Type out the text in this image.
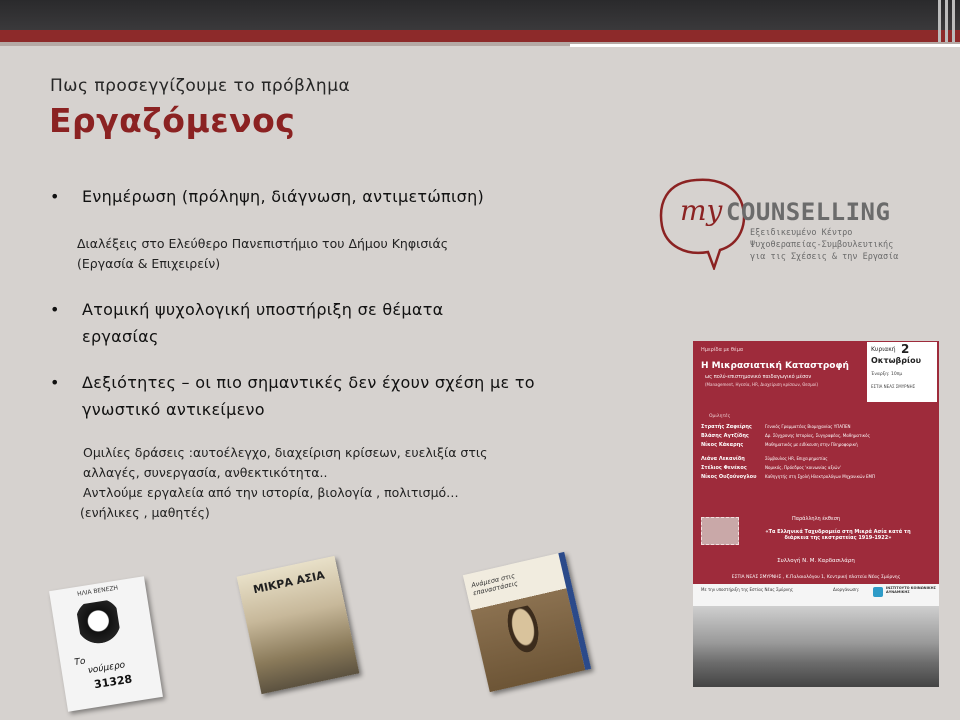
Πως προσεγγίζουμε το πρόβλημα
Εργαζόμενος
• Ενημέρωση (πρόληψη, διάγνωση, αντιμετώπιση)
Διαλέξεις στο Ελεύθερο Πανεπιστήμιο του Δήμου Κηφισιάς
(Εργασία & Επιχειρείν)
• Ατομική ψυχολογική υποστήριξη σε θέματα εργασίας
• Δεξιότητες – οι πιο σημαντικές δεν έχουν σχέση με το γνωστικό αντικείμενο
Ομιλίες δράσεις :αυτοέλεγχο, διαχείριση κρίσεων, ευελιξία στις
αλλαγές, συνεργασία, ανθεκτικότητα..
Αντλούμε εργαλεία από την ιστορία, βιολογία , πολιτισμό…
(ενήλικες , μαθητές)
my COUNSELLING
Εξειδικευμένο Κέντρο
Ψυχοθεραπείας-Συμβουλευτικής
για τις Σχέσεις & την Εργασία
Ημερίδα με θέμα
Η Μικρασιατική Καταστροφή
ως πολύ-επιστημονικό παιδαγωγικό μέσον
(Management, Ηγεσία, HR, Διαχείριση κρίσεων, Θεσμοί)
Κυριακή 2
Οκτωβρίου
Έναρξη: 10πμ
ΕΣΤΙΑ ΝΕΑΣ ΣΜΥΡΝΗΣ
Ομιλητές
Στρατής Ζαφείρης	Γενικός Γραμματέας Βιομηχανίας ΥΠΑΠΕΝ
Βλάσης Αγτζίδης	Δρ. Σύγχρονης Ιστορίας, Συγγραφέας, Μαθηματικός
Νίκος Κάκαρης	Μαθηματικός με ειδίκευση στην Πληροφορική
Λιάνα Λεκανίδη	Σύμβουλος HR, Επιχειρηματίας
Στέλιος Φενέκος	Νομικός, Πρόεδρος 'κοινωνίας αξιών'
Νίκος Ουζούνογλου	Καθηγητής στη Σχολή Ηλεκτρολόγων Μηχανικών ΕΜΠ
Παράλληλη έκθεση
«Τα Ελληνικά Ταχυδρομεία στη Μικρά Ασία κατά τη διάρκεια της εκστρατείας 1919-1922»
Συλλογή Ν. Μ. Καρδασιλάρη
ΕΣΤΙΑ ΝΕΑΣ ΣΜΥΡΝΗΣ , Κ.Παλαιολόγου 1, Κεντρική πλατεία Νέας Σμύρνης
Με την υποστήριξη της Εστίας Νέας Σμύρνης	Διοργάνωση:	ΙΝΣΤΙΤΟΥΤΟ ΚΟΙΝΩΝΙΚΗΣ ΔΥΝΑΜΙΚΗΣ
ΗΛΙΑ ΒΕΝΕΖΗ
Το νούμερο
31328
ΜΙΚΡΑ ΑΣΙΑ	Ανάμεσα στις επαναστάσεις
